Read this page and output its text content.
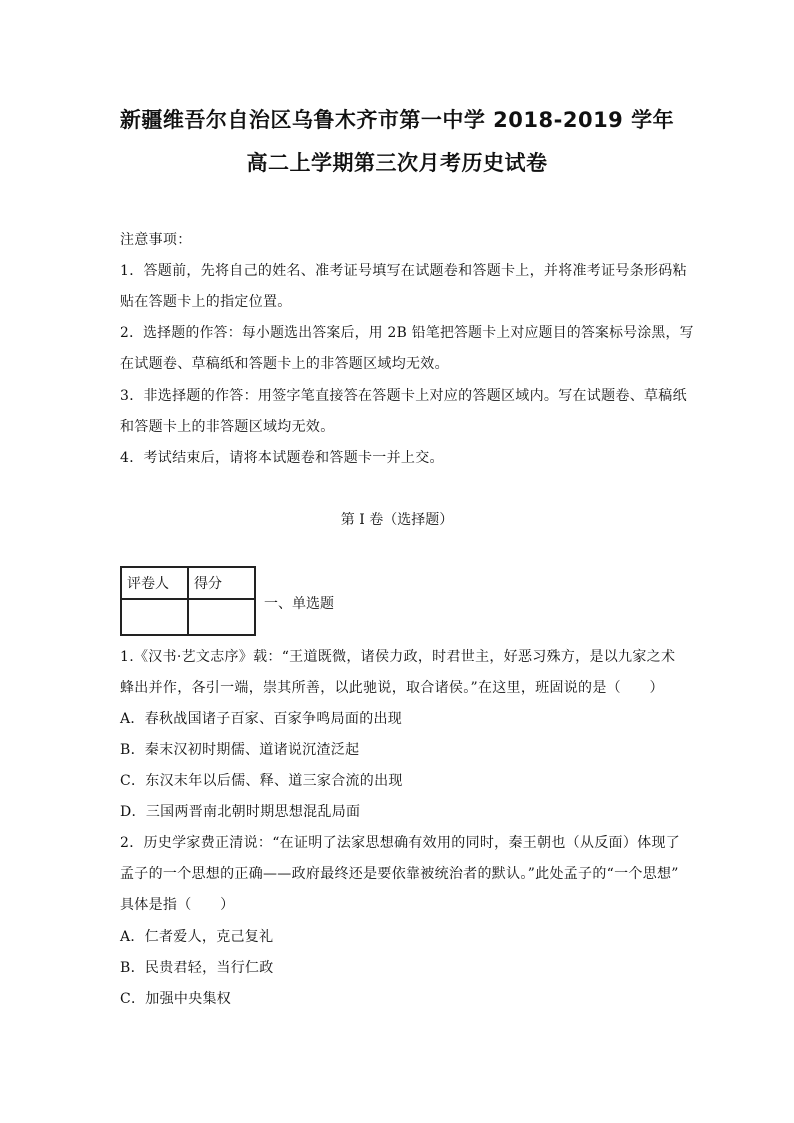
新疆维吾尔自治区乌鲁木齐市第一中学 2018-2019 学年
高二上学期第三次月考历史试卷
注意事项：
1．答题前，先将自己的姓名、准考证号填写在试题卷和答题卡上，并将准考证号条形码粘
贴在答题卡上的指定位置。
2．选择题的作答：每小题选出答案后，用 2B 铅笔把答题卡上对应题目的答案标号涂黑，写
在试题卷、草稿纸和答题卡上的非答题区域均无效。
3．非选择题的作答：用签字笔直接答在答题卡上对应的答题区域内。写在试题卷、草稿纸
和答题卡上的非答题区域均无效。
4．考试结束后，请将本试题卷和答题卡一并上交。
第 I 卷（选择题）
评卷人	得分

一、单选题
1.《汉书·艺文志序》载：“王道既微，诸侯力政，时君世主，好恶习殊方，是以九家之术
蜂出并作，各引一端，崇其所善，以此驰说，取合诸侯。”在这里，班固说的是（　　）
A．春秋战国诸子百家、百家争鸣局面的出现
B．秦末汉初时期儒、道诸说沉渣泛起
C．东汉末年以后儒、释、道三家合流的出现
D．三国两晋南北朝时期思想混乱局面
2．历史学家费正清说：“在证明了法家思想确有效用的同时，秦王朝也（从反面）体现了
孟子的一个思想的正确——政府最终还是要依靠被统治者的默认。”此处孟子的“一个思想”
具体是指（　　）
A．仁者爱人，克己复礼
B．民贵君轻，当行仁政
C．加强中央集权
